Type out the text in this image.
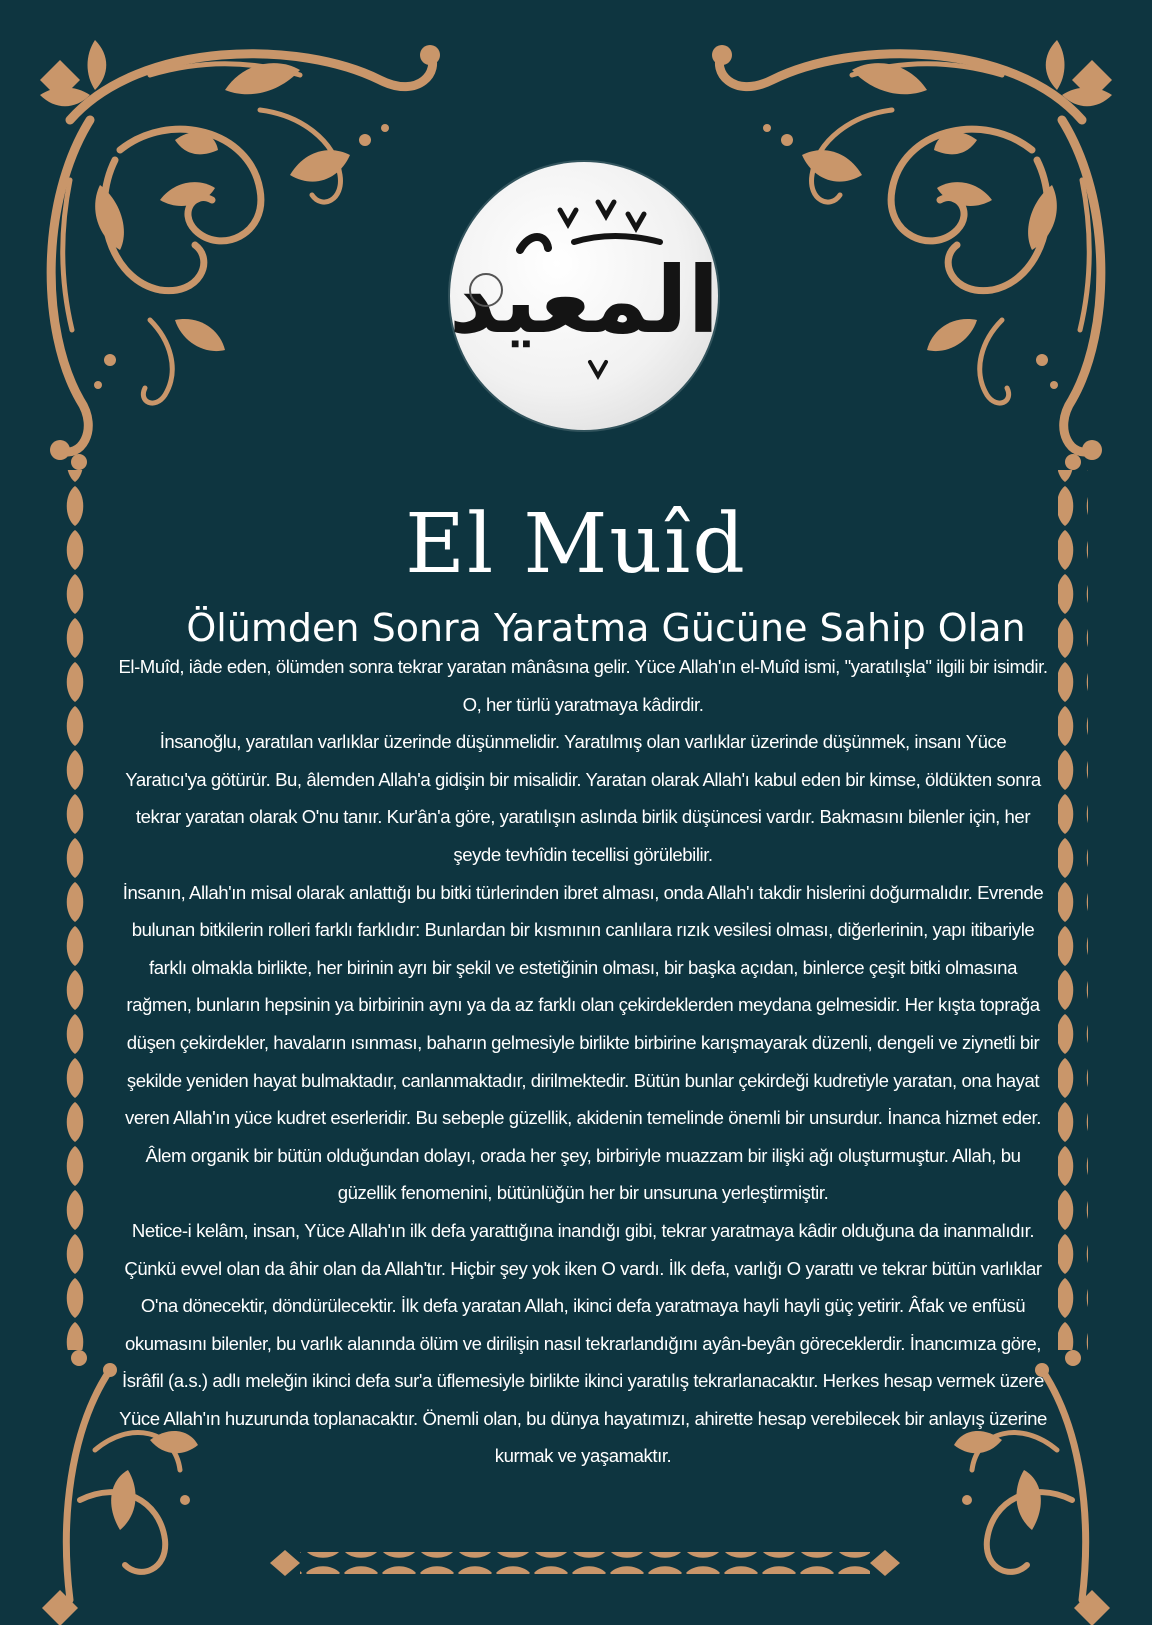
المعيد
El Muîd
Ölümden Sonra Yaratma Gücüne Sahip Olan

El-Muîd, iâde eden, ölümden sonra tekrar yaratan mânâsına gelir. Yüce Allah'ın el-Muîd ismi, "yaratılışla" ilgili bir isimdir. O, her türlü yaratmaya kâdirdir.

İnsanoğlu, yaratılan varlıklar üzerinde düşünmelidir. Yaratılmış olan varlıklar üzerinde düşünmek, insanı Yüce Yaratıcı'ya götürür. Bu, âlemden Allah'a gidişin bir misalidir. Yaratan olarak Allah'ı kabul eden bir kimse, öldükten sonra tekrar yaratan olarak O'nu tanır. Kur'ân'a göre, yaratılışın aslında birlik düşüncesi vardır. Bakmasını bilenler için, her şeyde tevhîdin tecellisi görülebilir.

İnsanın, Allah'ın misal olarak anlattığı bu bitki türlerinden ibret alması, onda Allah'ı takdir hislerini doğurmalıdır. Evrende bulunan bitkilerin rolleri farklı farklıdır: Bunlardan bir kısmının canlılara rızık vesilesi olması, diğerlerinin, yapı itibariyle farklı olmakla birlikte, her birinin ayrı bir şekil ve estetiğinin olması, bir başka açıdan, binlerce çeşit bitki olmasına rağmen, bunların hepsinin ya birbirinin aynı ya da az farklı olan çekirdeklerden meydana gelmesidir. Her kışta toprağa düşen çekirdekler, havaların ısınması, baharın gelmesiyle birlikte birbirine karışmayarak düzenli, dengeli ve ziynetli bir şekilde yeniden hayat bulmaktadır, canlanmaktadır, dirilmektedir. Bütün bunlar çekirdeği kudretiyle yaratan, ona hayat veren Allah'ın yüce kudret eserleridir. Bu sebeple güzellik, akidenin temelinde önemli bir unsurdur. İnanca hizmet eder. Âlem organik bir bütün olduğundan dolayı, orada her şey, birbiriyle muazzam bir ilişki ağı oluşturmuştur. Allah, bu güzellik fenomenini, bütünlüğün her bir unsuruna yerleştirmiştir.

Netice-i kelâm, insan, Yüce Allah'ın ilk defa yarattığına inandığı gibi, tekrar yaratmaya kâdir olduğuna da inanmalıdır. Çünkü evvel olan da âhir olan da Allah'tır. Hiçbir şey yok iken O vardı. İlk defa, varlığı O yarattı ve tekrar bütün varlıklar O'na dönecektir, döndürülecektir. İlk defa yaratan Allah, ikinci defa yaratmaya hayli hayli güç yetirir. Âfak ve enfüsü okumasını bilenler, bu varlık alanında ölüm ve dirilişin nasıl tekrarlandığını ayân-beyân göreceklerdir. İnancımıza göre, İsrâfil (a.s.) adlı meleğin ikinci defa sur'a üflemesiyle birlikte ikinci yaratılış tekrarlanacaktır. Herkes hesap vermek üzere Yüce Allah'ın huzurunda toplanacaktır. Önemli olan, bu dünya hayatımızı, ahirette hesap verebilecek bir anlayış üzerine kurmak ve yaşamaktır.
